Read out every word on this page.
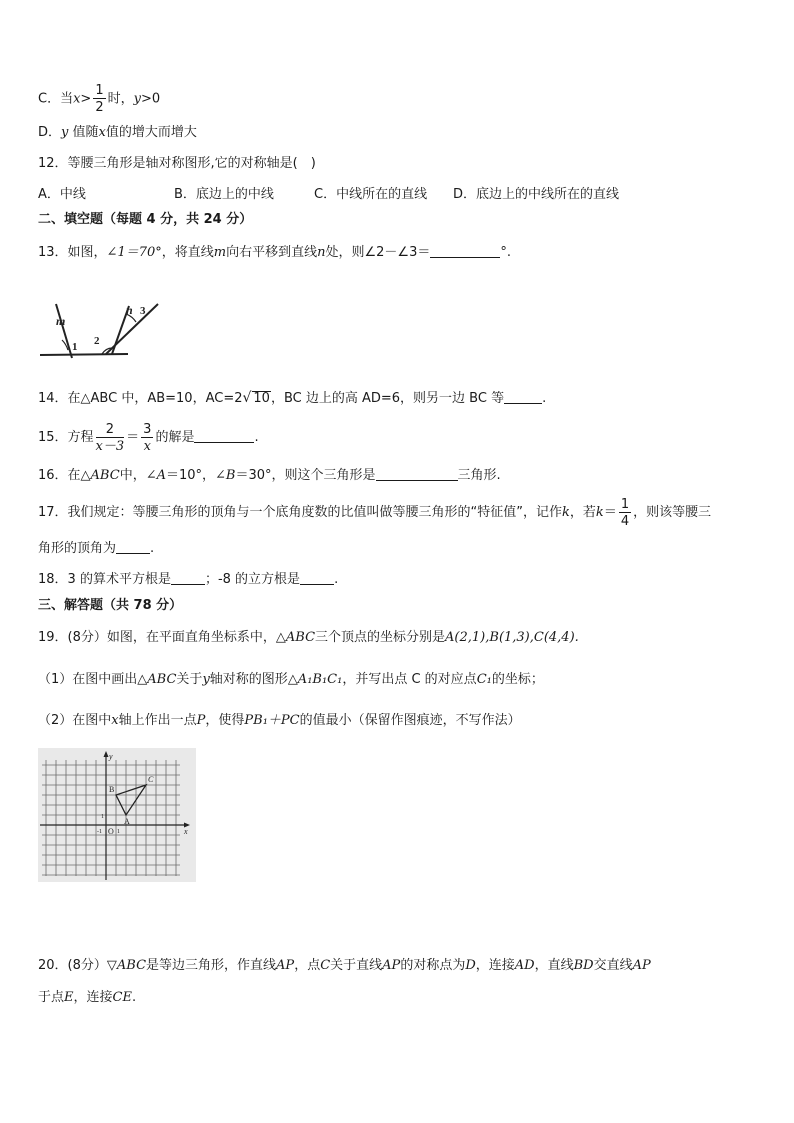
C．当$x> \frac{1}{2}$ 时，y>0
D．y 值随x值的增大而增大
12．等腰三角形是轴对称图形,它的对称轴是(　)
A．中线	B．底边上的中线	C．中线所在的直线 D．底边上的中线所在的直线
二、填空题（每题 4 分，共 24 分）
13．如图，∠1＝70°，将直线m向右平移到直线n处，则∠2－∠3＝	°.
m
n
1 2
3
14．在△ABC 中，AB=10，AC=2√ 10，BC 边上的高 AD=6，则另一边 BC 等	.
15．方程 $\frac{2}{x-3} = \frac{3}{x}$ 的解是	.
16．在△ABC中，∠A＝10°，∠B＝30°，则这个三角形是	三角形.
17．我们规定：等腰三角形的顶角与一个底角度数的比值叫做等腰三角形的“特征值”，记作k，若$k= \frac{1}{4}$ ，则该等腰三
角形的顶角为	.
18．3 的算术平方根是	；-8 的立方根是	.
三、解答题（共 78 分）
19．(8分）如图，在平面直角坐标系中，△ABC三个顶点的坐标分别是A(2,1),B(1,3),C(4,4).
（1）在图中画出△ABC关于y轴对称的图形△A₁B₁C₁，并写出点 C 的对应点C₁的坐标；
（2）在图中x轴上作出一点P，使得PB₁＋PC的值最小（保留作图痕迹，不写作法）
y
x
O
-1	1
1	A
B
C
20．(8分）▽ABC是等边三角形，作直线AP，点C关于直线AP的对称点为D，连接AD，直线BD交直线AP
于点E，连接CE.
